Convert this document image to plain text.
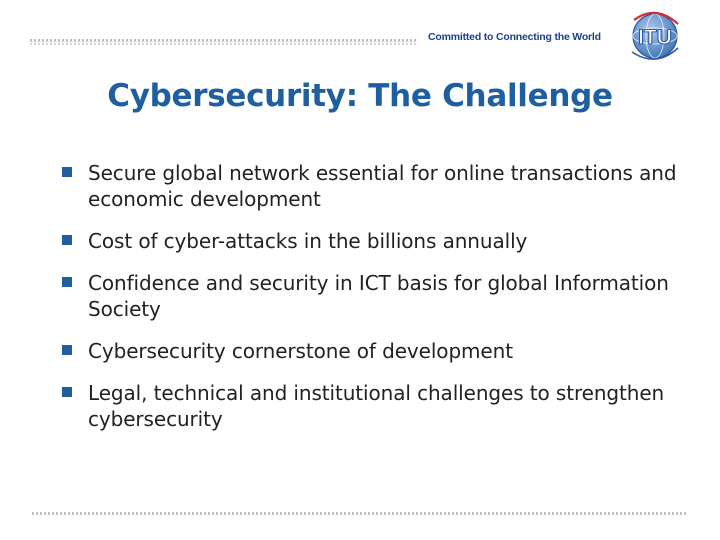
Committed to Connecting the World ITU
Cybersecurity: The Challenge
Secure global network essential for online transactions and economic development
Cost of cyber-attacks in the billions annually
Confidence and security in ICT basis for global Information Society
Cybersecurity cornerstone of development
Legal, technical and institutional challenges to strengthen cybersecurity
